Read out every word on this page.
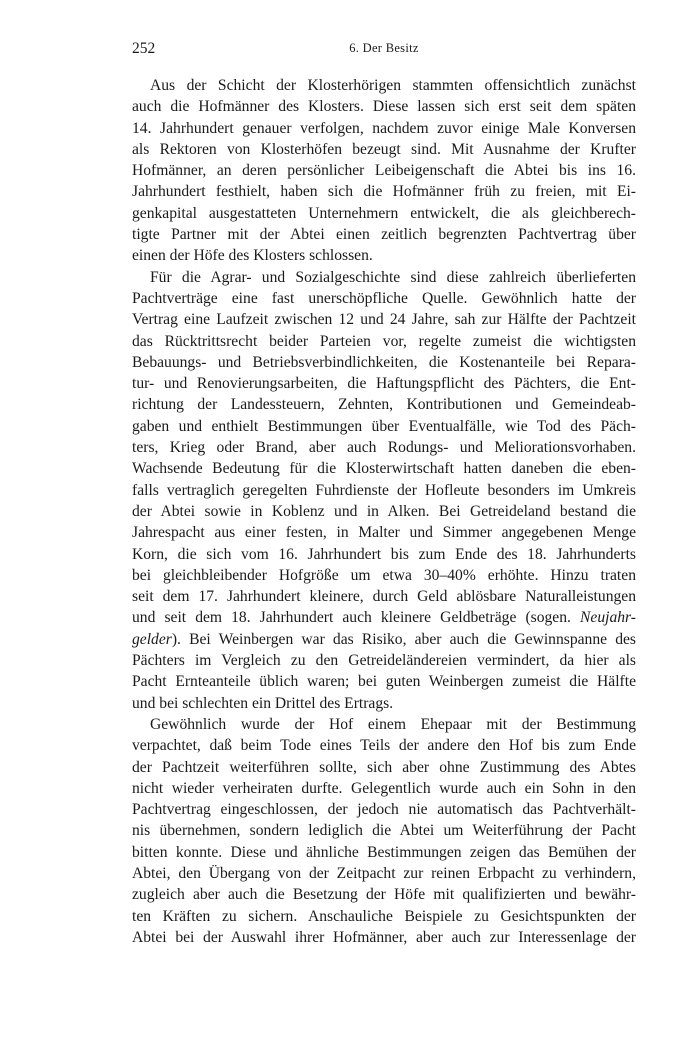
252	6. Der Besitz
Aus der Schicht der Klosterhörigen stammten offensichtlich zunächst
auch die Hofmänner des Klosters. Diese lassen sich erst seit dem späten
14. Jahrhundert genauer verfolgen, nachdem zuvor einige Male Konversen
als Rektoren von Klosterhöfen bezeugt sind. Mit Ausnahme der Krufter
Hofmänner, an deren persönlicher Leibeigenschaft die Abtei bis ins 16.
Jahrhundert festhielt, haben sich die Hofmänner früh zu freien, mit Ei-
genkapital ausgestatteten Unternehmern entwickelt, die als gleichberech-
tigte Partner mit der Abtei einen zeitlich begrenzten Pachtvertrag über
einen der Höfe des Klosters schlossen.
Für die Agrar- und Sozialgeschichte sind diese zahlreich überlieferten
Pachtverträge eine fast unerschöpfliche Quelle. Gewöhnlich hatte der
Vertrag eine Laufzeit zwischen 12 und 24 Jahre, sah zur Hälfte der Pachtzeit
das Rücktrittsrecht beider Parteien vor, regelte zumeist die wichtigsten
Bebauungs- und Betriebsverbindlichkeiten, die Kostenanteile bei Repara-
tur- und Renovierungsarbeiten, die Haftungspflicht des Pächters, die Ent-
richtung der Landessteuern, Zehnten, Kontributionen und Gemeindeab-
gaben und enthielt Bestimmungen über Eventualfälle, wie Tod des Päch-
ters, Krieg oder Brand, aber auch Rodungs- und Meliorationsvorhaben.
Wachsende Bedeutung für die Klosterwirtschaft hatten daneben die eben-
falls vertraglich geregelten Fuhrdienste der Hofleute besonders im Umkreis
der Abtei sowie in Koblenz und in Alken. Bei Getreideland bestand die
Jahrespacht aus einer festen, in Malter und Simmer angegebenen Menge
Korn, die sich vom 16. Jahrhundert bis zum Ende des 18. Jahrhunderts
bei gleichbleibender Hofgröße um etwa 30–40% erhöhte. Hinzu traten
seit dem 17. Jahrhundert kleinere, durch Geld ablösbare Naturalleistungen
und seit dem 18. Jahrhundert auch kleinere Geldbeträge (sogen. Neujahr-
gelder). Bei Weinbergen war das Risiko, aber auch die Gewinnspanne des
Pächters im Vergleich zu den Getreideländereien vermindert, da hier als
Pacht Ernteanteile üblich waren; bei guten Weinbergen zumeist die Hälfte
und bei schlechten ein Drittel des Ertrags.
Gewöhnlich wurde der Hof einem Ehepaar mit der Bestimmung
verpachtet, daß beim Tode eines Teils der andere den Hof bis zum Ende
der Pachtzeit weiterführen sollte, sich aber ohne Zustimmung des Abtes
nicht wieder verheiraten durfte. Gelegentlich wurde auch ein Sohn in den
Pachtvertrag eingeschlossen, der jedoch nie automatisch das Pachtverhält-
nis übernehmen, sondern lediglich die Abtei um Weiterführung der Pacht
bitten konnte. Diese und ähnliche Bestimmungen zeigen das Bemühen der
Abtei, den Übergang von der Zeitpacht zur reinen Erbpacht zu verhindern,
zugleich aber auch die Besetzung der Höfe mit qualifizierten und bewähr-
ten Kräften zu sichern. Anschauliche Beispiele zu Gesichtspunkten der
Abtei bei der Auswahl ihrer Hofmänner, aber auch zur Interessenlage der
